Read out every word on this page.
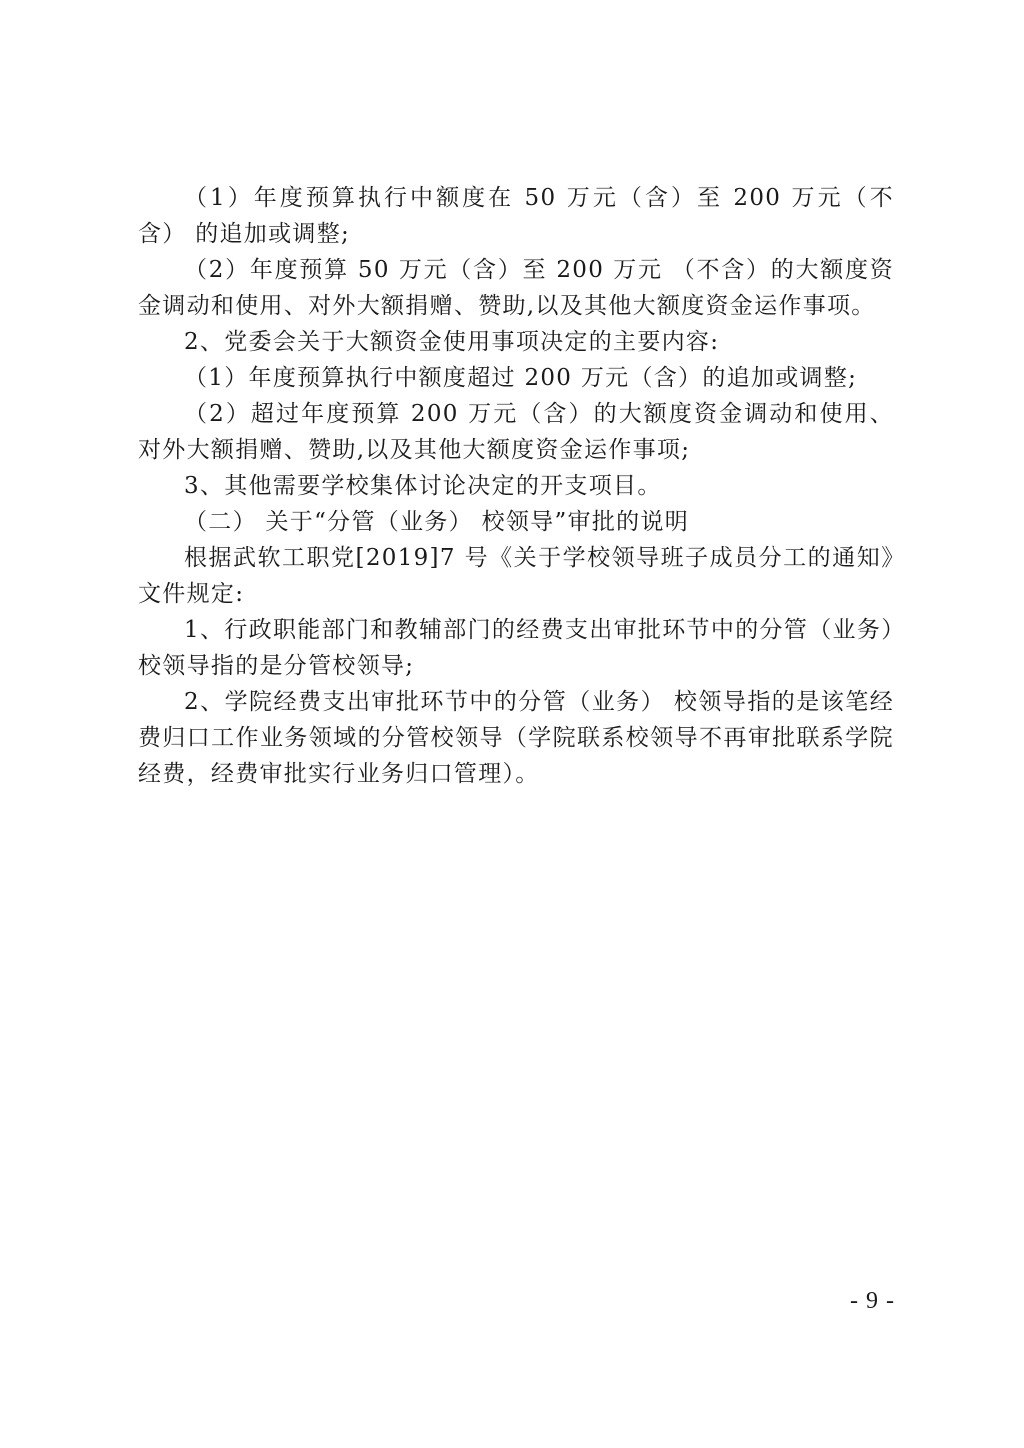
（1）年度预算执行中额度在 50 万元（含）至 200 万元（不含） 的追加或调整;

（2）年度预算 50 万元（含）至 200 万元 （不含）的大额度资金调动和使用、对外大额捐赠、赞助,以及其他大额度资金运作事项。

2、党委会关于大额资金使用事项决定的主要内容:

（1）年度预算执行中额度超过 200 万元（含）的追加或调整;

（2）超过年度预算 200 万元（含）的大额度资金调动和使用、对外大额捐赠、赞助,以及其他大额度资金运作事项;

3、其他需要学校集体讨论决定的开支项目。

（二） 关于“分管（业务） 校领导”审批的说明

根据武软工职党[2019]7 号《关于学校领导班子成员分工的通知》文件规定:

1、行政职能部门和教辅部门的经费支出审批环节中的分管（业务）校领导指的是分管校领导;

2、学院经费支出审批环节中的分管（业务） 校领导指的是该笔经费归口工作业务领域的分管校领导（学院联系校领导不再审批联系学院经费，经费审批实行业务归口管理）。

- 9 -
